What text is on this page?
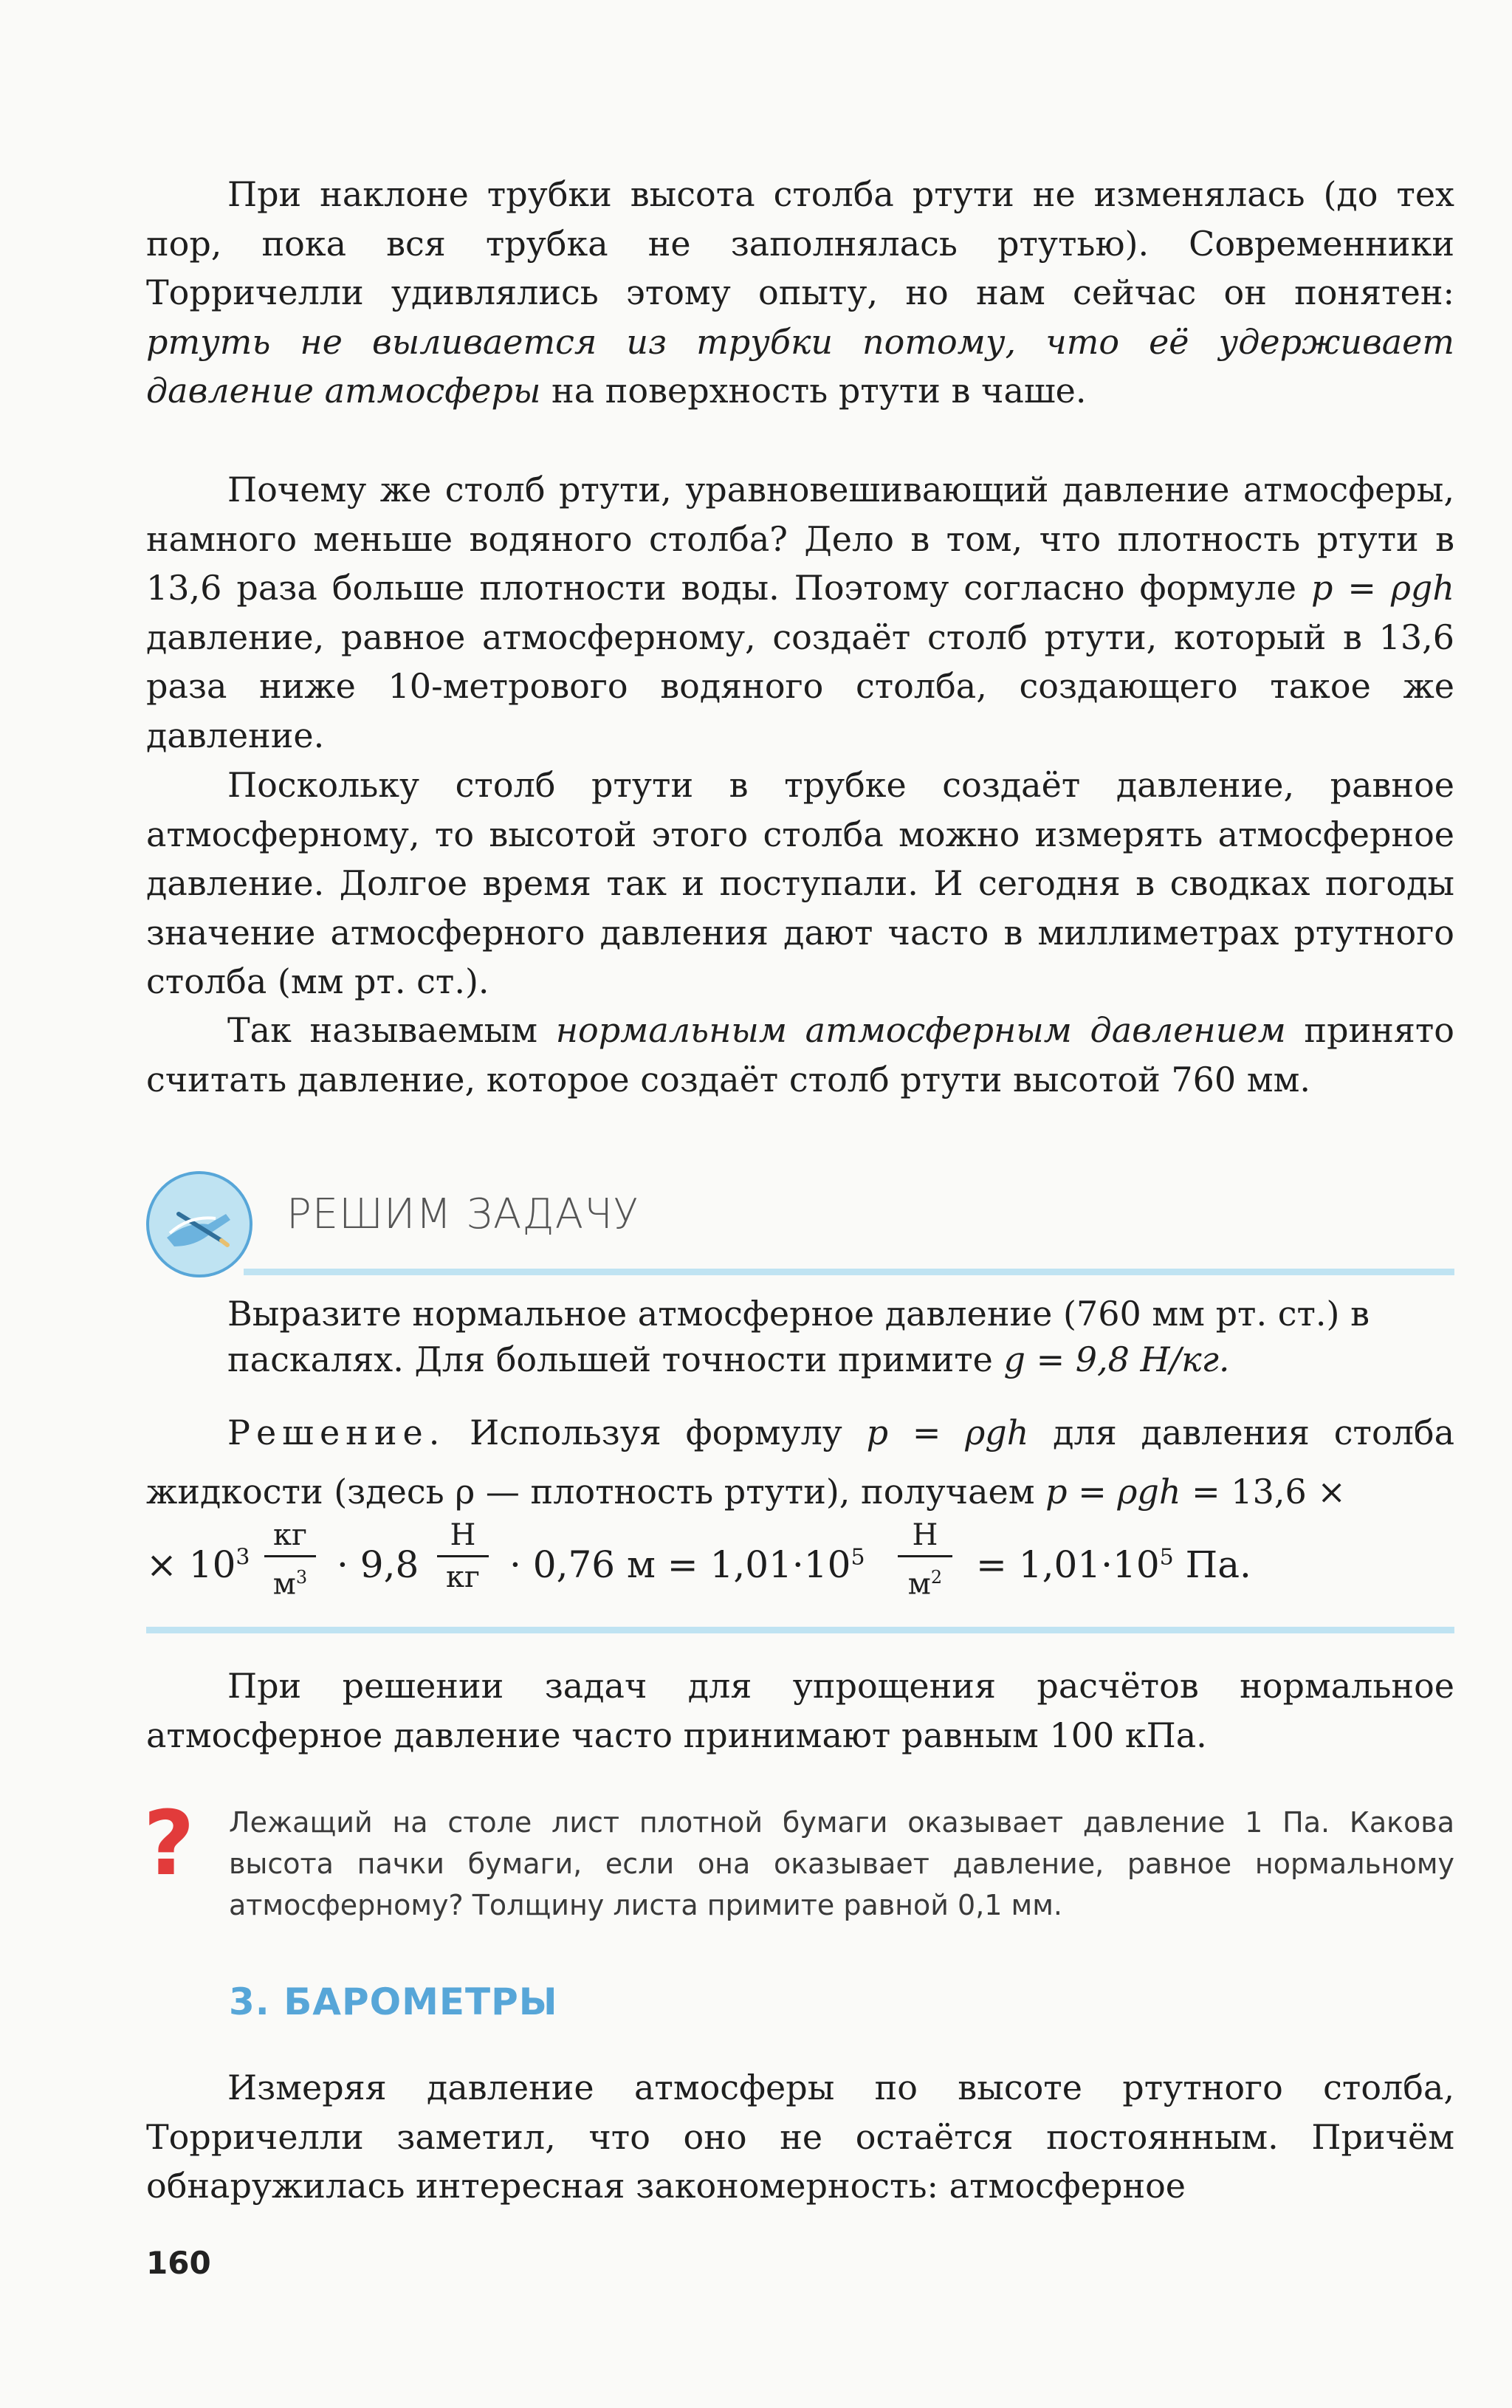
При наклоне трубки высота столба ртути не изменялась (до тех пор, пока вся трубка не заполнялась ртутью). Современники Торричелли удивлялись этому опыту, но нам сейчас он понятен: ртуть не выливается из трубки потому, что её удерживает давление атмосферы на поверхность ртути в чаше.

Почему же столб ртути, уравновешивающий давление атмосферы, намного меньше водяного столба? Дело в том, что плотность ртути в 13,6 раза больше плотности воды. Поэтому согласно формуле p = ρgh давление, равное атмосферному, создаёт столб ртути, который в 13,6 раза ниже 10-метрового водяного столба, создающего такое же давление.

Поскольку столб ртути в трубке создаёт давление, равное атмосферному, то высотой этого столба можно измерять атмосферное давление. Долгое время так и поступали. И сегодня в сводках погоды значение атмосферного давления дают часто в миллиметрах ртутного столба (мм рт. ст.).

Так называемым нормальным атмосферным давлением принято считать давление, которое создаёт столб ртути высотой 760 мм.

РЕШИМ ЗАДАЧУ

Выразите нормальное атмосферное давление (760 мм рт. ст.) в паскалях. Для большей точности примите g = 9,8 Н/кг.

Решение. Используя формулу p = ρgh для давления столба жидкости (здесь ρ — плотность ртути), получаем p = ρgh = 13,6 ×

× $10^3$
кг
$м^3 \cdot 9,8$
Н
кг · 0,76 $м = 1,01\cdot 10^5$
Н
$м^2 = 1,01\cdot 10^5$ Па.

При решении задач для упрощения расчётов нормальное атмосферное давление часто принимают равным 100 кПа.

? Лежащий на столе лист плотной бумаги оказывает давление 1 Па. Какова высота пачки бумаги, если она оказывает давление, равное нормальному атмосферному? Толщину листа примите равной 0,1 мм.

3. БАРОМЕТРЫ

Измеряя давление атмосферы по высоте ртутного столба, Торричелли заметил, что оно не остаётся постоянным. Причём обнаружилась интересная закономерность: атмосферное

160
